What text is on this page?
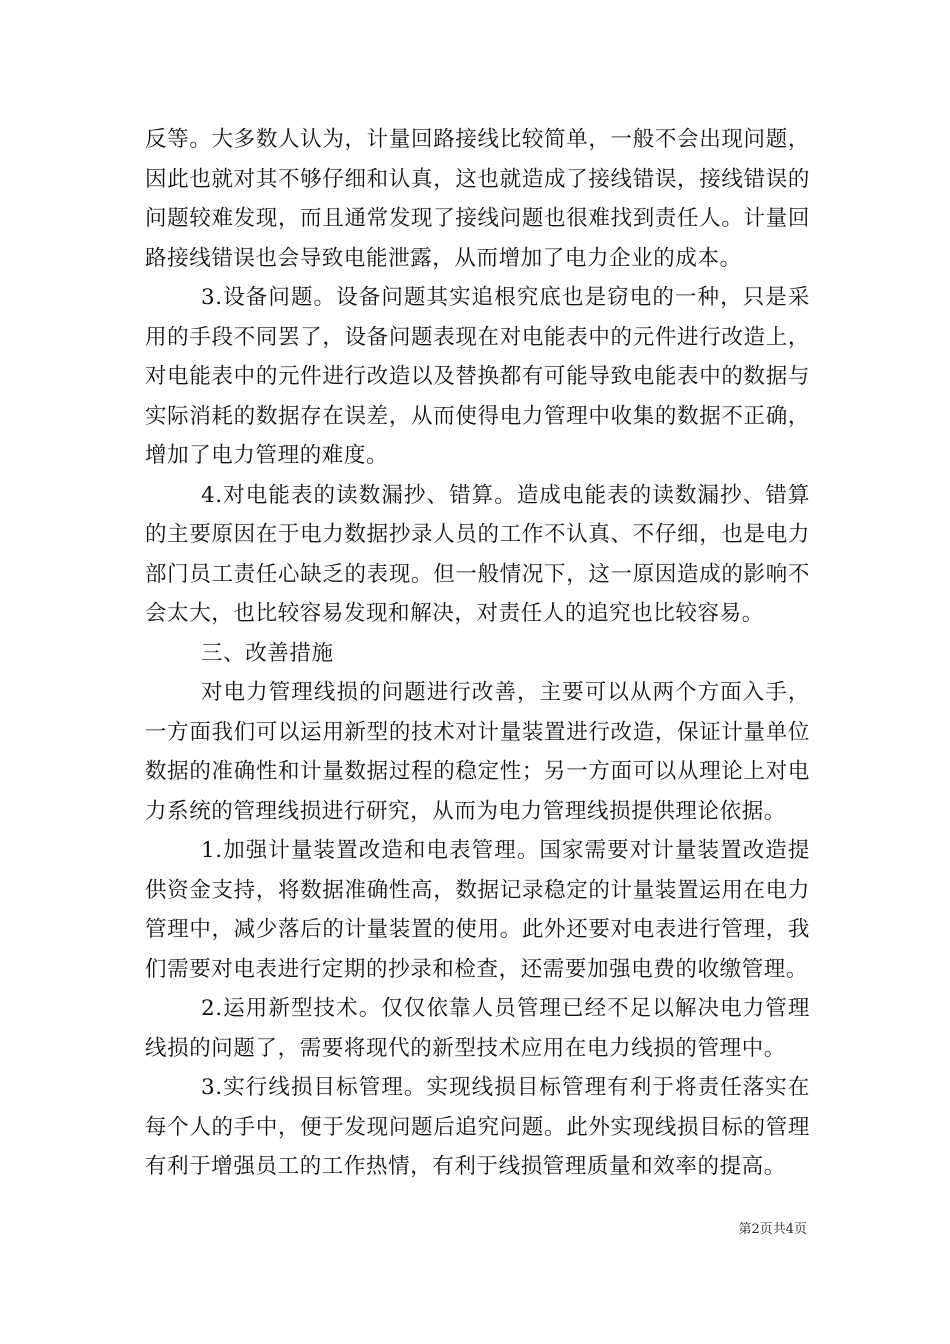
反等。大多数人认为，计量回路接线比较简单，一般不会出现问题，因此也就对其不够仔细和认真，这也就造成了接线错误，接线错误的问题较难发现，而且通常发现了接线问题也很难找到责任人。计量回路接线错误也会导致电能泄露，从而增加了电力企业的成本。

3.设备问题。设备问题其实追根究底也是窃电的一种，只是采用的手段不同罢了，设备问题表现在对电能表中的元件进行改造上，对电能表中的元件进行改造以及替换都有可能导致电能表中的数据与实际消耗的数据存在误差，从而使得电力管理中收集的数据不正确，增加了电力管理的难度。

4.对电能表的读数漏抄、错算。造成电能表的读数漏抄、错算的主要原因在于电力数据抄录人员的工作不认真、不仔细，也是电力部门员工责任心缺乏的表现。但一般情况下，这一原因造成的影响不会太大，也比较容易发现和解决，对责任人的追究也比较容易。

三、改善措施

对电力管理线损的问题进行改善，主要可以从两个方面入手，一方面我们可以运用新型的技术对计量装置进行改造，保证计量单位数据的准确性和计量数据过程的稳定性；另一方面可以从理论上对电力系统的管理线损进行研究，从而为电力管理线损提供理论依据。

1.加强计量装置改造和电表管理。国家需要对计量装置改造提供资金支持，将数据准确性高，数据记录稳定的计量装置运用在电力管理中，减少落后的计量装置的使用。此外还要对电表进行管理，我们需要对电表进行定期的抄录和检查，还需要加强电费的收缴管理。

2.运用新型技术。仅仅依靠人员管理已经不足以解决电力管理线损的问题了，需要将现代的新型技术应用在电力线损的管理中。

3.实行线损目标管理。实现线损目标管理有利于将责任落实在每个人的手中，便于发现问题后追究问题。此外实现线损目标的管理有利于增强员工的工作热情，有利于线损管理质量和效率的提高。

第2页共4页
